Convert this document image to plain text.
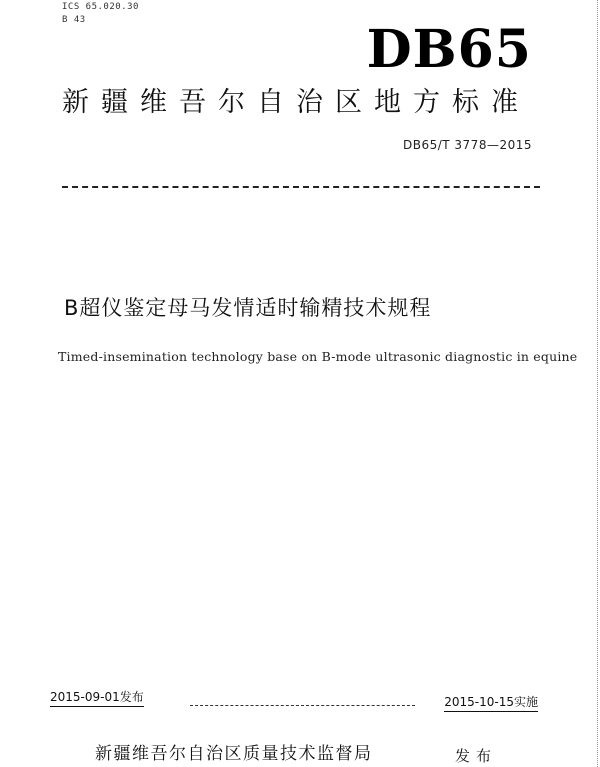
ICS 65.020.30
B 43	DB65
新疆维吾尔自治区地方标准
DB65/T 3778—2015
B超仪鉴定母马发情适时输精技术规程
Timed-insemination technology base on B-mode ultrasonic diagnostic in equine
2015-09-01发布	2015-10-15实施
新疆维吾尔自治区质量技术监督局	发布
